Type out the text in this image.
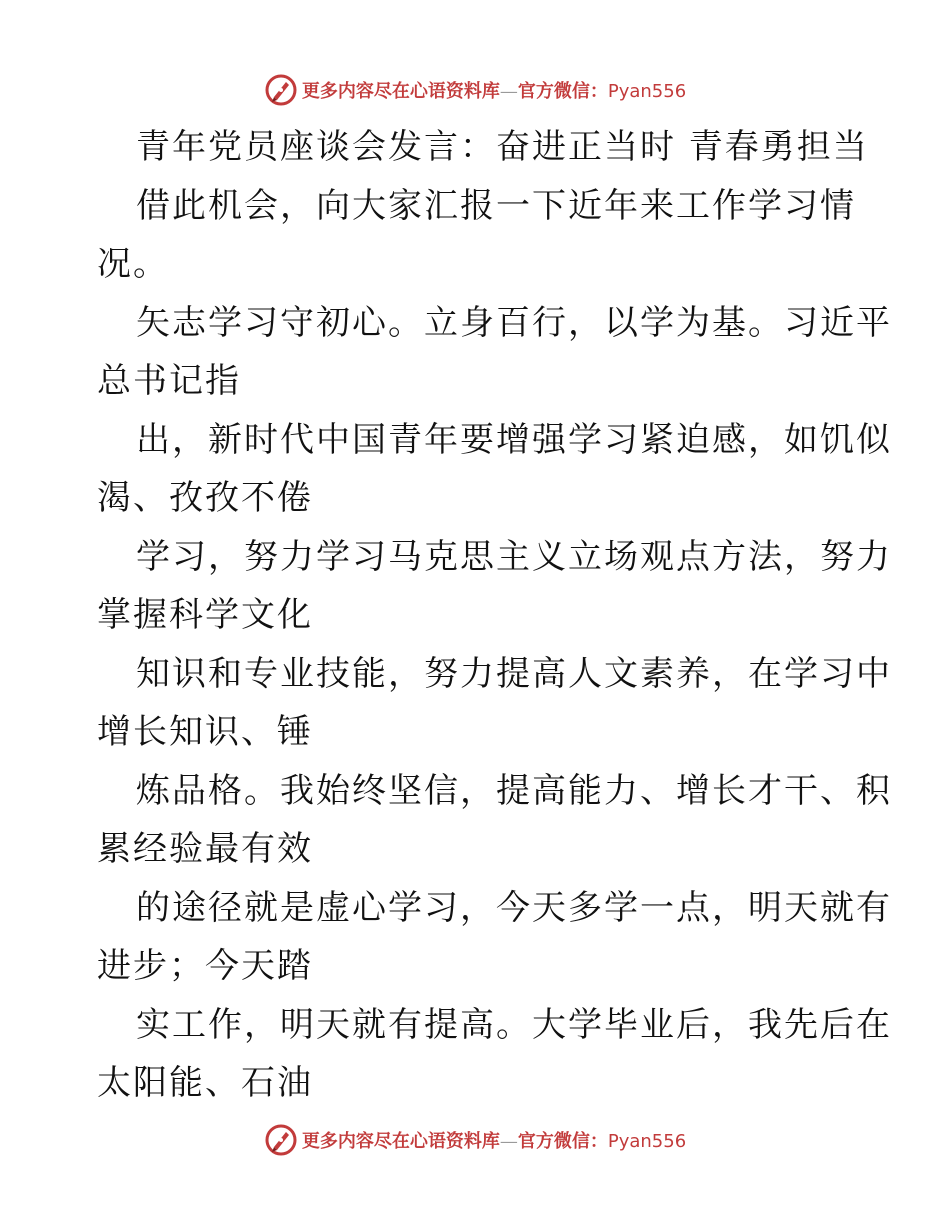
更多内容尽在心语资料库—官方微信：Pyan556
青年党员座谈会发言：奋进正当时 青春勇担当
借此机会，向大家汇报一下近年来工作学习情
况。
矢志学习守初心。立身百行，以学为基。习近平
总书记指
出，新时代中国青年要增强学习紧迫感，如饥似
渴、孜孜不倦
学习，努力学习马克思主义立场观点方法，努力
掌握科学文化
知识和专业技能，努力提高人文素养，在学习中
增长知识、锤
炼品格。我始终坚信，提高能力、增长才干、积
累经验最有效
的途径就是虚心学习，今天多学一点，明天就有
进步；今天踏
实工作，明天就有提高。大学毕业后，我先后在
太阳能、石油
更多内容尽在心语资料库—官方微信：Pyan556
